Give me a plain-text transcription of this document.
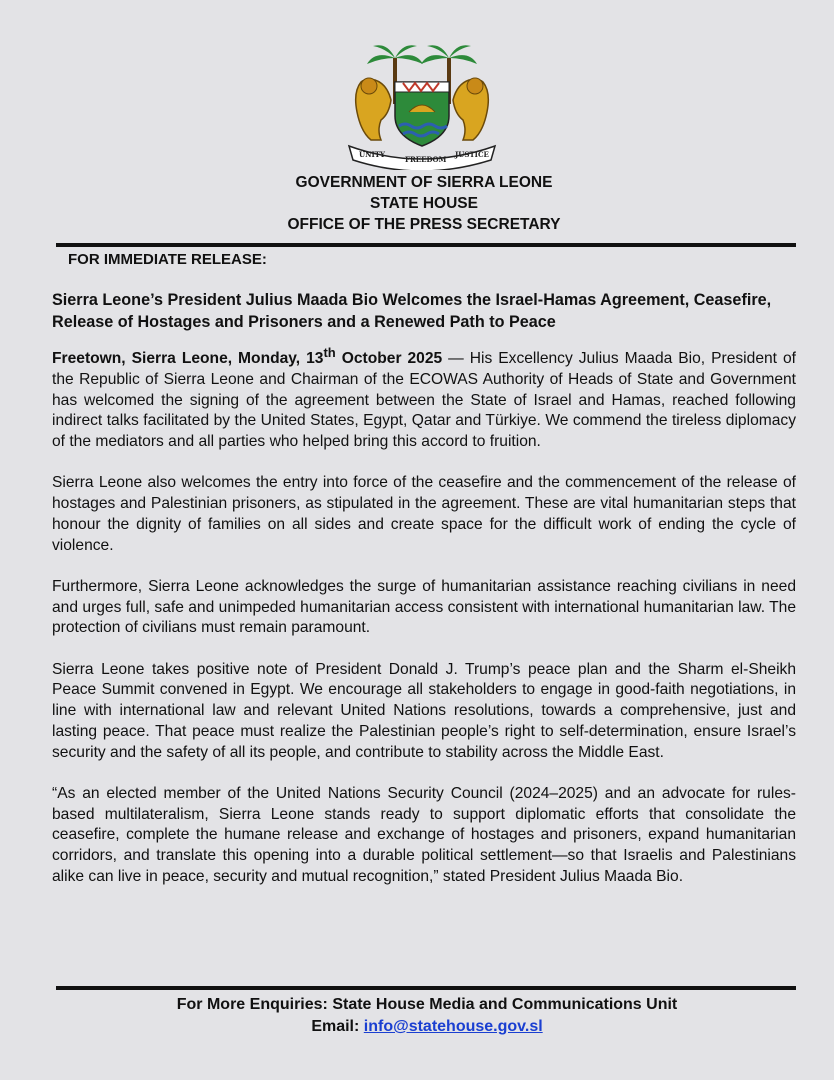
UNITY
FREEDOM
JUSTICE
GOVERNMENT OF SIERRA LEONE
STATE HOUSE
OFFICE OF THE PRESS SECRETARY
FOR IMMEDIATE RELEASE:
Sierra Leone’s President Julius Maada Bio Welcomes the Israel-Hamas Agreement, Ceasefire, Release of Hostages and Prisoners and a Renewed Path to Peace

Freetown, Sierra Leone, Monday, 13th October 2025 — His Excellency Julius Maada Bio, President of the Republic of Sierra Leone and Chairman of the ECOWAS Authority of Heads of State and Government has welcomed the signing of the agreement between the State of Israel and Hamas, reached following indirect talks facilitated by the United States, Egypt, Qatar and Türkiye. We commend the tireless diplomacy of the mediators and all parties who helped bring this accord to fruition.

Sierra Leone also welcomes the entry into force of the ceasefire and the commencement of the release of hostages and Palestinian prisoners, as stipulated in the agreement. These are vital humanitarian steps that honour the dignity of families on all sides and create space for the difficult work of ending the cycle of violence.

Furthermore, Sierra Leone acknowledges the surge of humanitarian assistance reaching civilians in need and urges full, safe and unimpeded humanitarian access consistent with international humanitarian law. The protection of civilians must remain paramount.

Sierra Leone takes positive note of President Donald J. Trump’s peace plan and the Sharm el-Sheikh Peace Summit convened in Egypt. We encourage all stakeholders to engage in good-faith negotiations, in line with international law and relevant United Nations resolutions, towards a comprehensive, just and lasting peace. That peace must realize the Palestinian people’s right to self-determination, ensure Israel’s security and the safety of all its people, and contribute to stability across the Middle East.

“As an elected member of the United Nations Security Council (2024–2025) and an advocate for rules-based multilateralism, Sierra Leone stands ready to support diplomatic efforts that consolidate the ceasefire, complete the humane release and exchange of hostages and prisoners, expand humanitarian corridors, and translate this opening into a durable political settlement—so that Israelis and Palestinians alike can live in peace, security and mutual recognition,” stated President Julius Maada Bio.

For More Enquiries: State House Media and Communications Unit
Email: info@statehouse.gov.sl
